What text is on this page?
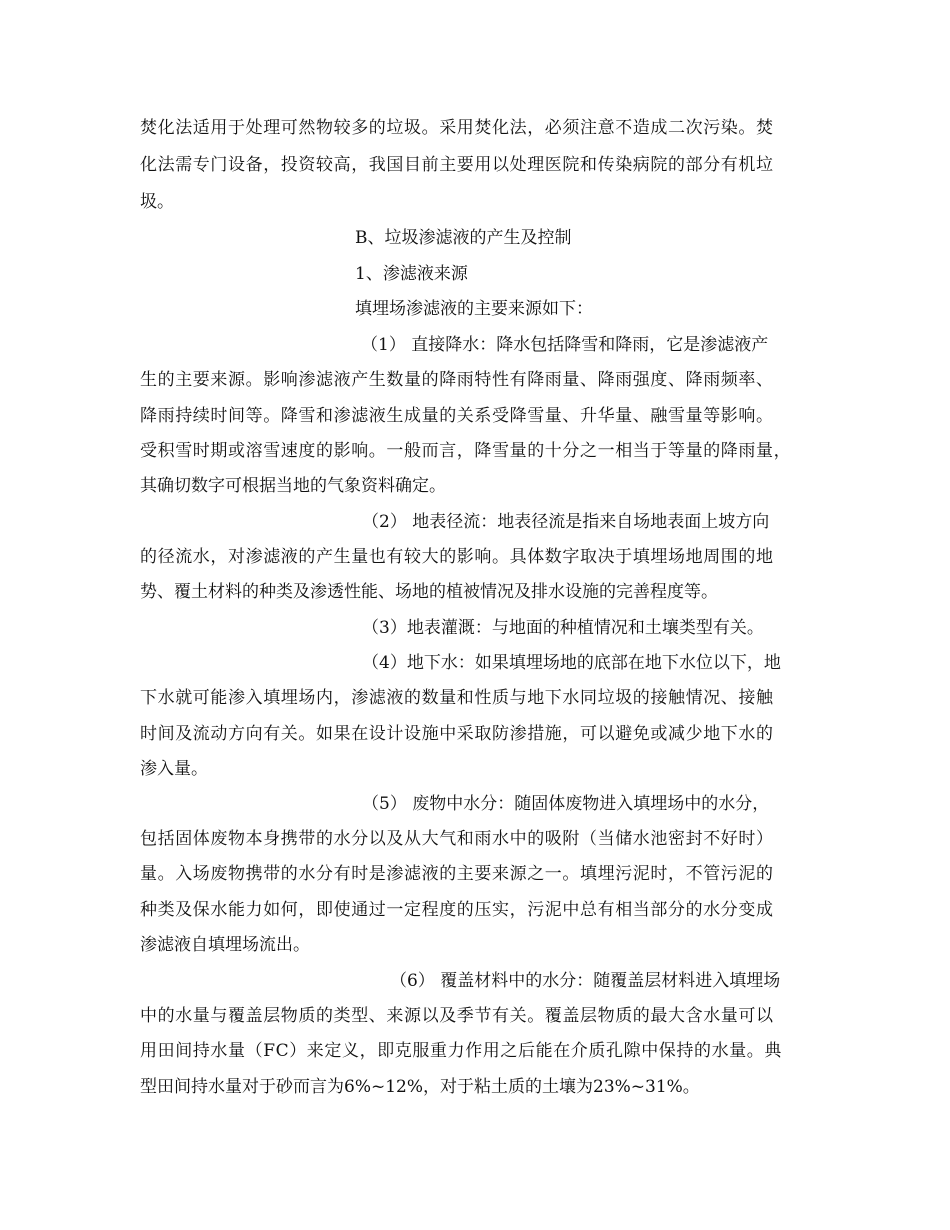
焚化法适用于处理可然物较多的垃圾。采用焚化法，必须注意不造成二次污染。焚
化法需专门设备，投资较高，我国目前主要用以处理医院和传染病院的部分有机垃
圾。
B、垃圾渗滤液的产生及控制
1、渗滤液来源
填埋场渗滤液的主要来源如下：
（1） 直接降水：降水包括降雪和降雨，它是渗滤液产
生的主要来源。影响渗滤液产生数量的降雨特性有降雨量、降雨强度、降雨频率、
降雨持续时间等。降雪和渗滤液生成量的关系受降雪量、升华量、融雪量等影响。
受积雪时期或溶雪速度的影响。一般而言，降雪量的十分之一相当于等量的降雨量，
其确切数字可根据当地的气象资料确定。
（2） 地表径流：地表径流是指来自场地表面上坡方向
的径流水，对渗滤液的产生量也有较大的影响。具体数字取决于填埋场地周围的地
势、覆土材料的种类及渗透性能、场地的植被情况及排水设施的完善程度等。
（3）地表灌溉：与地面的种植情况和土壤类型有关。
（4）地下水：如果填埋场地的底部在地下水位以下，地
下水就可能渗入填埋场内，渗滤液的数量和性质与地下水同垃圾的接触情况、接触
时间及流动方向有关。如果在设计设施中采取防渗措施，可以避免或减少地下水的
渗入量。
（5） 废物中水分：随固体废物进入填埋场中的水分，
包括固体废物本身携带的水分以及从大气和雨水中的吸附（当储水池密封不好时）
量。入场废物携带的水分有时是渗滤液的主要来源之一。填埋污泥时，不管污泥的
种类及保水能力如何，即使通过一定程度的压实，污泥中总有相当部分的水分变成
渗滤液自填埋场流出。
（6） 覆盖材料中的水分：随覆盖层材料进入填埋场
中的水量与覆盖层物质的类型、来源以及季节有关。覆盖层物质的最大含水量可以
用田间持水量（FC）来定义，即克服重力作用之后能在介质孔隙中保持的水量。典
型田间持水量对于砂而言为6%~12%，对于粘土质的土壤为23%~31%。
